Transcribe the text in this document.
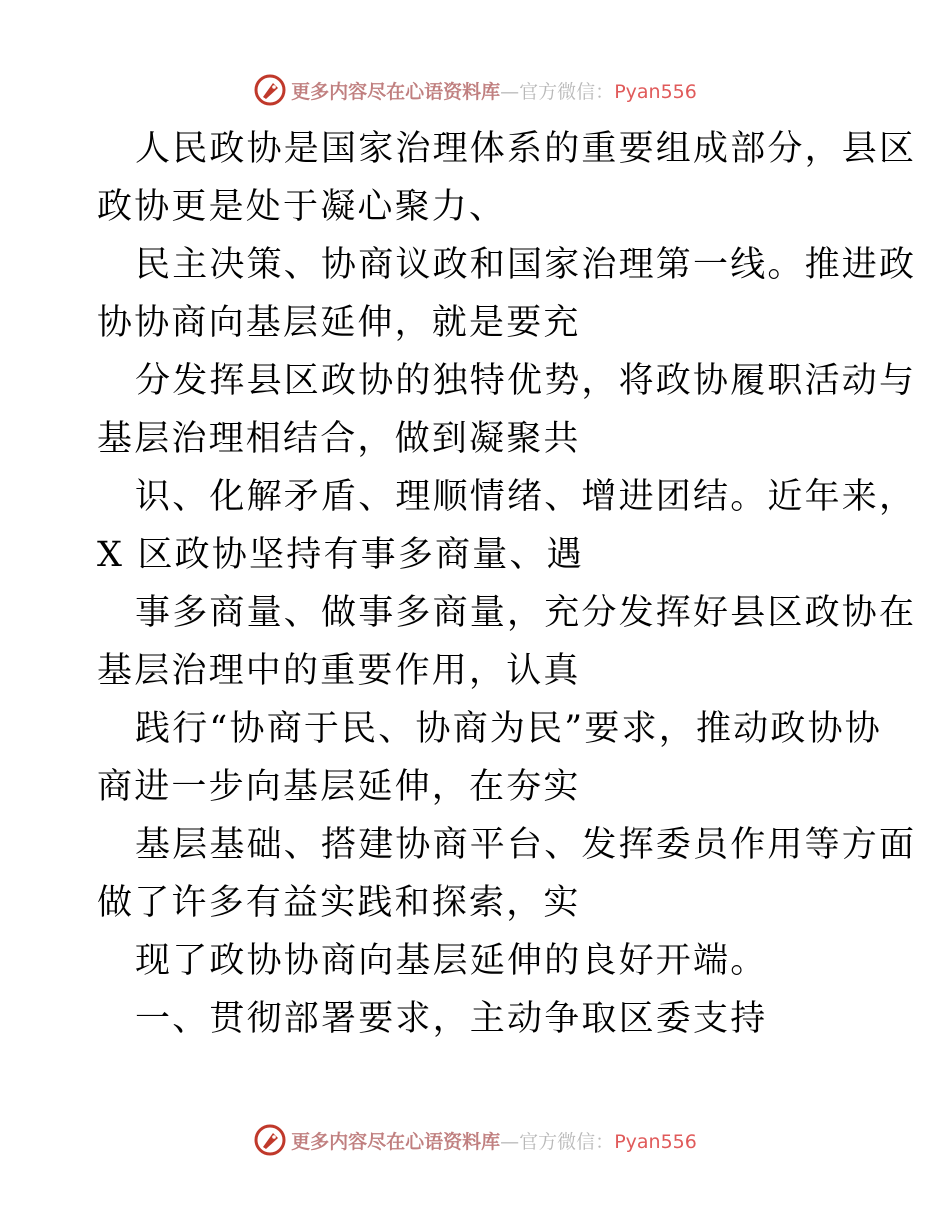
更多内容尽在心语资料库—官方微信：Pyan556
人民政协是国家治理体系的重要组成部分，县区
政协更是处于凝心聚力、
民主决策、协商议政和国家治理第一线。推进政
协协商向基层延伸，就是要充
分发挥县区政协的独特优势，将政协履职活动与
基层治理相结合，做到凝聚共
识、化解矛盾、理顺情绪、增进团结。近年来，
X 区政协坚持有事多商量、遇
事多商量、做事多商量，充分发挥好县区政协在
基层治理中的重要作用，认真
践行“协商于民、协商为民”要求，推动政协协
商进一步向基层延伸，在夯实
基层基础、搭建协商平台、发挥委员作用等方面
做了许多有益实践和探索，实
现了政协协商向基层延伸的良好开端。
一、贯彻部署要求，主动争取区委支持
更多内容尽在心语资料库—官方微信：Pyan556
